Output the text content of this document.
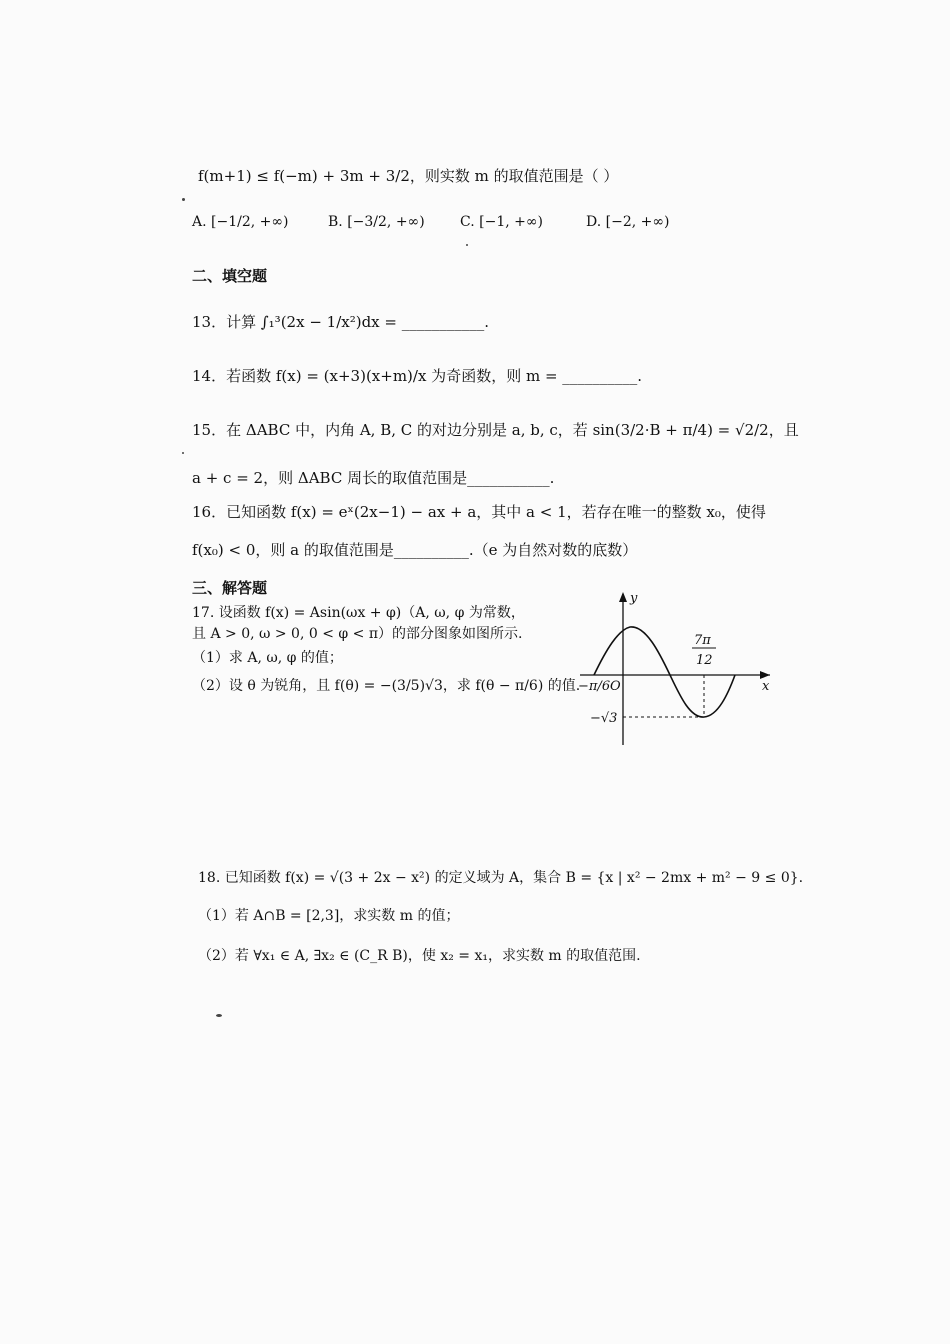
f(m+1) ≤ f(−m) + 3m + 3/2，则实数 m 的取值范围是（ ）
A. [−1/2, +∞)	B. [−3/2, +∞)	C. [−1, +∞)	D. [−2, +∞)
二、填空题
13．计算 ∫₁³(2x − 1/x²)dx = ___________.
14．若函数 f(x) = (x+3)(x+m)/x 为奇函数，则 m = __________.
15．在 ΔABC 中，内角 A, B, C 的对边分别是 a, b, c，若 sin(3/2·B + π/4) = √2/2，且
a + c = 2，则 ΔABC 周长的取值范围是___________.
16．已知函数 f(x) = eˣ(2x−1) − ax + a，其中 a < 1，若存在唯一的整数 x₀，使得
f(x₀) < 0，则 a 的取值范围是__________.（e 为自然对数的底数）
三、解答题
17. 设函数 f(x) = Asin(ωx + φ)（A, ω, φ 为常数，
且 A > 0, ω > 0, 0 < φ < π）的部分图象如图所示.
（1）求 A, ω, φ 的值；
（2）设 θ 为锐角，且 f(θ) = −(3/5)√3，求 f(θ − π/6) 的值.
y
x
O
−π/6
7π
12
−√3
18. 已知函数 f(x) = √(3 + 2x − x²) 的定义域为 A，集合 B = {x | x² − 2mx + m² − 9 ≤ 0}.
（1）若 A∩B = [2,3]，求实数 m 的值；
（2）若 ∀x₁ ∈ A, ∃x₂ ∈ (C_R B)，使 x₂ = x₁，求实数 m 的取值范围.
